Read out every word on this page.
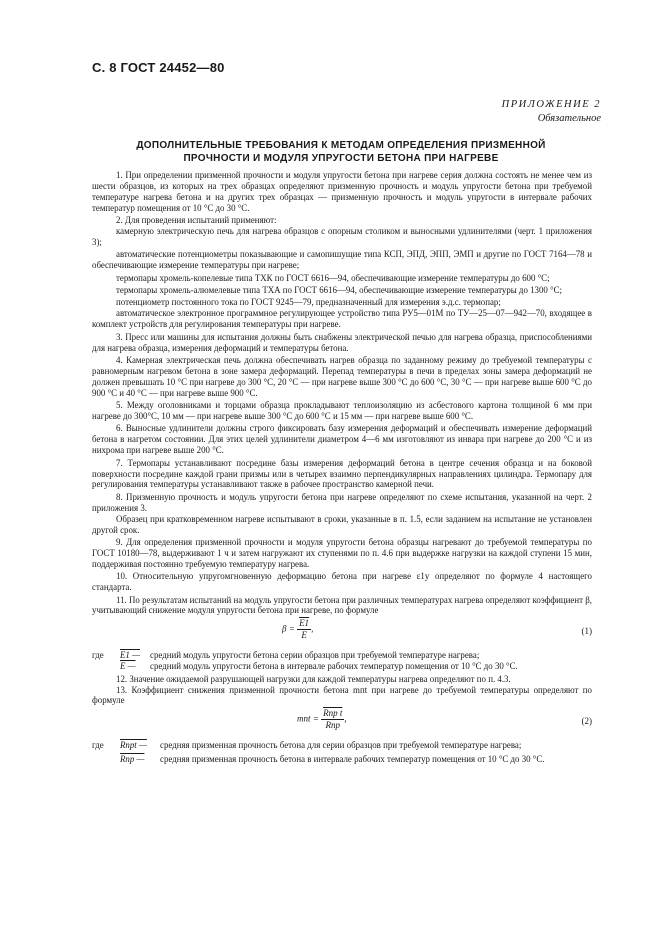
С. 8 ГОСТ 24452—80
ПРИЛОЖЕНИЕ 2
Обязательное
ДОПОЛНИТЕЛЬНЫЕ ТРЕБОВАНИЯ К МЕТОДАМ ОПРЕДЕЛЕНИЯ ПРИЗМЕННОЙ
ПРОЧНОСТИ И МОДУЛЯ УПРУГОСТИ БЕТОНА ПРИ НАГРЕВЕ

1. При определении призменной прочности и модуля упругости бетона при нагреве серия должна состоять не менее чем из шести образцов, из которых на трех образцах определяют призменную прочность и модуль упругости бетона при требуемой температуре нагрева бетона и на других трех образцах — призменную прочность и модуль упругости в интервале рабочих температур помещения от 10 °С до 30 °С.

2. Для проведения испытаний применяют:

камерную электрическую печь для нагрева образцов с опорным столиком и выносными удлинителями (черт. 1 приложения 3);

автоматические потенциометры показывающие и самопишущие типа КСП, ЭПД, ЭПП, ЭМП и другие по ГОСТ 7164—78 и обеспечивающие измерение температуры при нагреве;

термопары хромель-копелевые типа ТХК по ГОСТ 6616—94, обеспечивающие измерение температуры до 600 °С;

термопары хромель-алюмелевые типа ТХА по ГОСТ 6616—94, обеспечивающие измерение температуры до 1300 °С;

потенциометр постоянного тока по ГОСТ 9245—79, предназначенный для измерения э.д.с. термопар;

автоматическое электронное программное регулирующее устройство типа РУ5—01М по ТУ—25—07—942—70, входящее в комплект устройств для регулирования температуры при нагреве.

3. Пресс или машины для испытания должны быть снабжены электрической печью для нагрева образца, приспособлениями для нагрева образца, измерения деформаций и температуры бетона.

4. Камерная электрическая печь должна обеспечивать нагрев образца по заданному режиму до требуемой температуры с равномерным нагревом бетона в зоне замера деформаций. Перепад температуры в печи в пределах зоны замера деформаций не должен превышать 10 °С при нагреве до 300 °С, 20 °С — при нагреве выше 300 °С до 600 °С, 30 °С — при нагреве выше 600 °С до 900 °С и 40 °С — при нагреве выше 900 °С.

5. Между оголовниками и торцами образца прокладывают теплоизоляцию из асбестового картона толщиной 6 мм при нагреве до 300°С, 10 мм — при нагреве выше 300 °С до 600 °С и 15 мм — при нагреве выше 600 °С.

6. Выносные удлинители должны строго фиксировать базу измерения деформаций и обеспечивать измерение деформаций бетона в нагретом состоянии. Для этих целей удлинители диаметром 4—6 мм изготовляют из инвара при нагреве до 200 °С и из нихрома при нагреве выше 200 °С.

7. Термопары устанавливают посредине базы измерения деформаций бетона в центре сечения образца и на боковой поверхности посредине каждой грани призмы или в четырех взаимно перпендикулярных направлениях цилиндра. Термопару для регулирования температуры устанавливают также в рабочее пространство камерной печи.

8. Призменную прочность и модуль упругости бетона при нагреве определяют по схеме испытания, указанной на черт. 2 приложения 3.

Образец при кратковременном нагреве испытывают в сроки, указанные в п. 1.5, если заданием на испытание не установлен другой срок.

9. Для определения призменной прочности и модуля упругости бетона образцы нагревают до требуемой температуры по ГОСТ 10180—78, выдерживают 1 ч и затем нагружают их ступенями по п. 4.6 при выдержке нагрузки на каждой ступени 15 мин, поддерживая постоянно требуемую температуру нагрева.

10. Относительную упругомгновенную деформацию бетона при нагреве ε1y определяют по формуле 4 настоящего стандарта.

11. По результатам испытаний на модуль упругости бетона при различных температурах нагрева определяют коэффициент β, учитывающий снижение модуля упругости бетона при нагреве, по формуле

$\beta = \frac{E1}{E}$ ,	(1)
где	E1 —	средний модуль упругости бетона серии образцов при требуемой температуре нагрева;
E —	средний модуль упругости бетона в интервале рабочих температур помещения от 10 °С до 30 °С.

12. Значение ожидаемой разрушающей нагрузки для каждой температуры нагрева определяют по п. 4.3.

13. Коэффициент снижения призменной прочности бетона mпt при нагреве до требуемой температуры определяют по формуле

mпt = $\frac{\text{Rпр t}}{\text{Rпр}}$ ,	(2)
где	Rпрt —	средняя призменная прочность бетона для серии образцов при требуемой температуре нагрева;
Rпр —	средняя призменная прочность бетона в интервале рабочих температур помещения от 10 °С до 30 °С.
